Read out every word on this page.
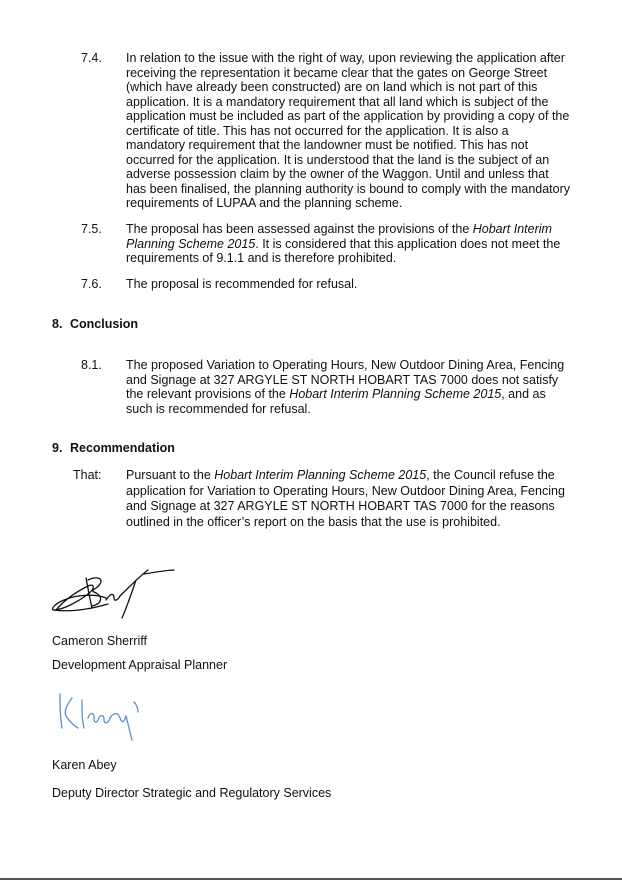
7.4. In relation to the issue with the right of way, upon reviewing the application after receiving the representation it became clear that the gates on George Street (which have already been constructed) are on land which is not part of this application. It is a mandatory requirement that all land which is subject of the application must be included as part of the application by providing a copy of the certificate of title. This has not occurred for the application. It is also a mandatory requirement that the landowner must be notified. This has not occurred for the application. It is understood that the land is the subject of an adverse possession claim by the owner of the Waggon. Until and unless that has been finalised, the planning authority is bound to comply with the mandatory requirements of LUPAA and the planning scheme.
7.5. The proposal has been assessed against the provisions of the Hobart Interim Planning Scheme 2015. It is considered that this application does not meet the requirements of 9.1.1 and is therefore prohibited.
7.6. The proposal is recommended for refusal.
8. Conclusion
8.1. The proposed Variation to Operating Hours, New Outdoor Dining Area, Fencing and Signage at 327 ARGYLE ST NORTH HOBART TAS 7000 does not satisfy the relevant provisions of the Hobart Interim Planning Scheme 2015, and as such is recommended for refusal.
9. Recommendation
That: Pursuant to the Hobart Interim Planning Scheme 2015, the Council refuse the application for Variation to Operating Hours, New Outdoor Dining Area, Fencing and Signage at 327 ARGYLE ST NORTH HOBART TAS 7000 for the reasons outlined in the officer’s report on the basis that the use is prohibited.
Cameron Sherriff
Development Appraisal Planner
Karen Abey
Deputy Director Strategic and Regulatory Services
